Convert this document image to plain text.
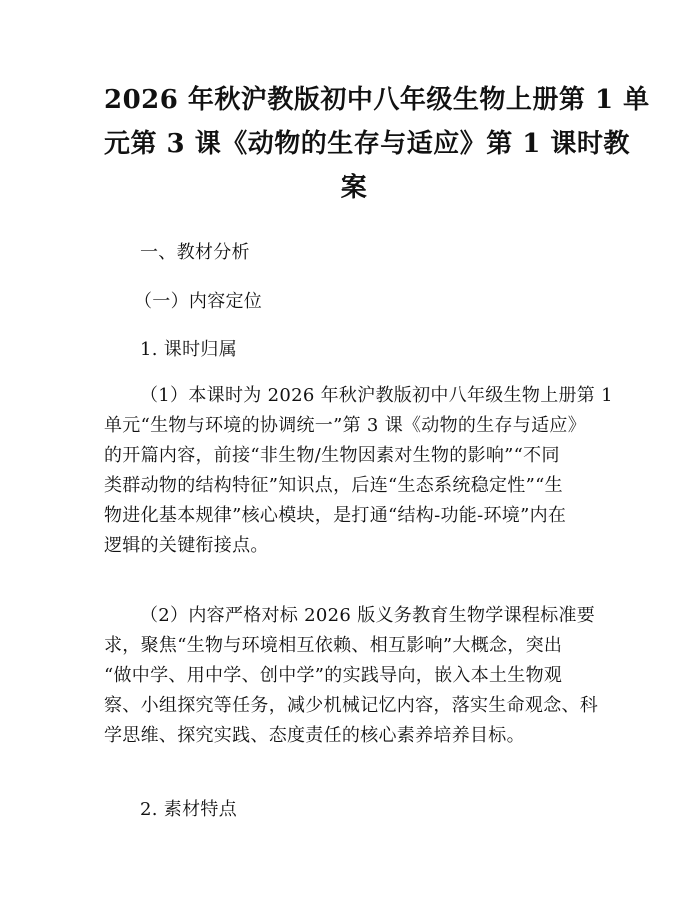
2026 年秋沪教版初中八年级生物上册第 1 单
元第 3 课《动物的生存与适应》第 1 课时教
案
一、教材分析
（一）内容定位
1. 课时归属
（1）本课时为 2026 年秋沪教版初中八年级生物上册第 1
单元“生物与环境的协调统一”第 3 课《动物的生存与适应》
的开篇内容，前接“非生物/生物因素对生物的影响”“不同
类群动物的结构特征”知识点，后连“生态系统稳定性”“生
物进化基本规律”核心模块，是打通“结构-功能-环境”内在
逻辑的关键衔接点。
（2）内容严格对标 2026 版义务教育生物学课程标准要
求，聚焦“生物与环境相互依赖、相互影响”大概念，突出
“做中学、用中学、创中学”的实践导向，嵌入本土生物观
察、小组探究等任务，减少机械记忆内容，落实生命观念、科
学思维、探究实践、态度责任的核心素养培养目标。
2. 素材特点
